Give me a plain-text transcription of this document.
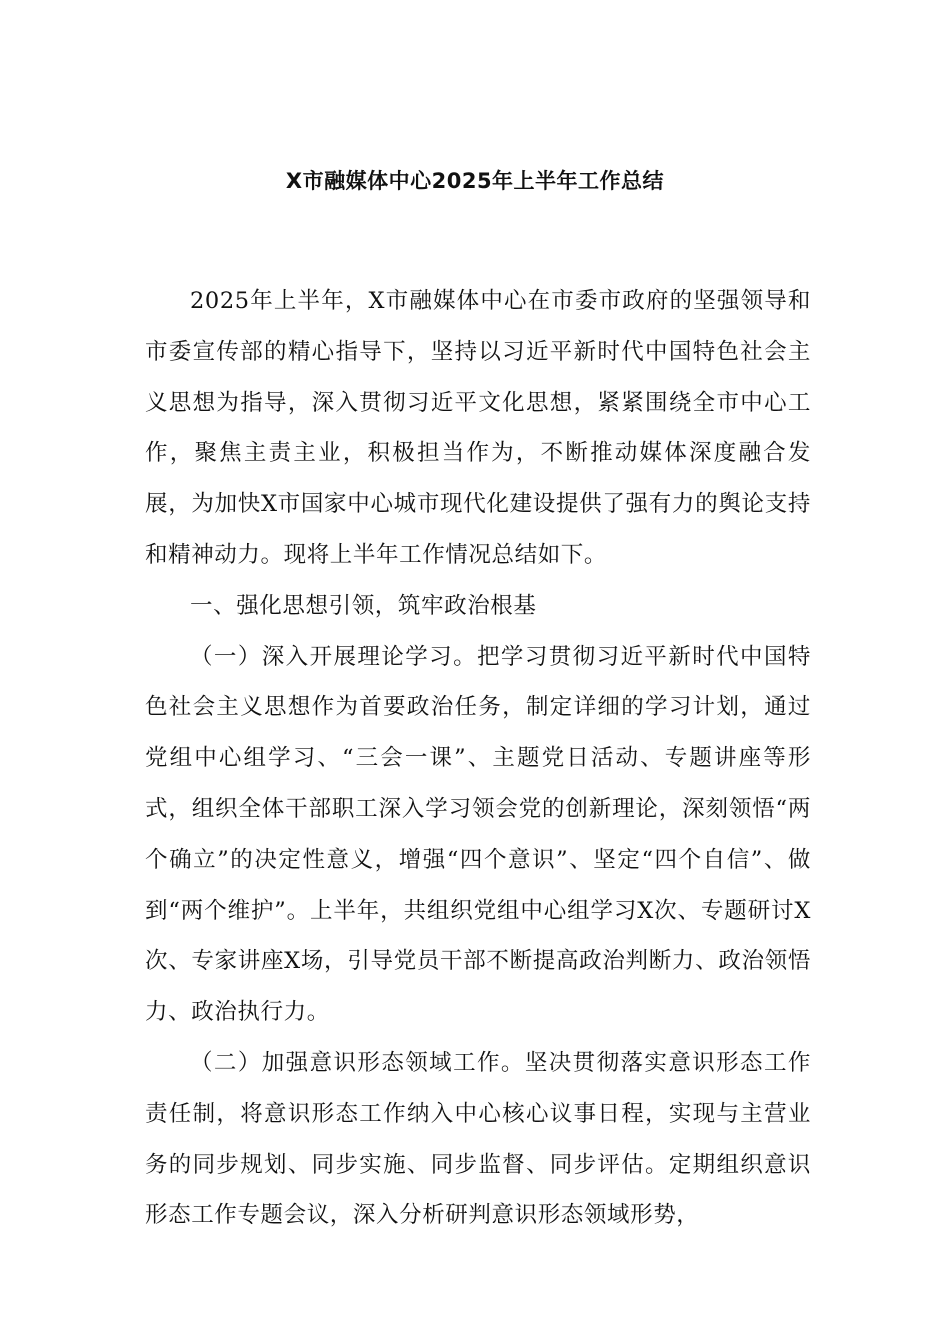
X市融媒体中心2025年上半年工作总结

2025年上半年，X市融媒体中心在市委市政府的坚强领导和市委宣传部的精心指导下，坚持以习近平新时代中国特色社会主义思想为指导，深入贯彻习近平文化思想，紧紧围绕全市中心工作，聚焦主责主业，积极担当作为，不断推动媒体深度融合发展，为加快X市国家中心城市现代化建设提供了强有力的舆论支持和精神动力。现将上半年工作情况总结如下。

一、强化思想引领，筑牢政治根基

（一）深入开展理论学习。把学习贯彻习近平新时代中国特色社会主义思想作为首要政治任务，制定详细的学习计划，通过党组中心组学习、“三会一课”、主题党日活动、专题讲座等形式，组织全体干部职工深入学习领会党的创新理论，深刻领悟“两个确立”的决定性意义，增强“四个意识”、坚定“四个自信”、做到“两个维护”。上半年，共组织党组中心组学习X次、专题研讨X次、专家讲座X场，引导党员干部不断提高政治判断力、政治领悟力、政治执行力。

（二）加强意识形态领域工作。坚决贯彻落实意识形态工作责任制，将意识形态工作纳入中心核心议事日程，实现与主营业务的同步规划、同步实施、同步监督、同步评估。定期组织意识形态工作专题会议，深入分析研判意识形态领域形势，
